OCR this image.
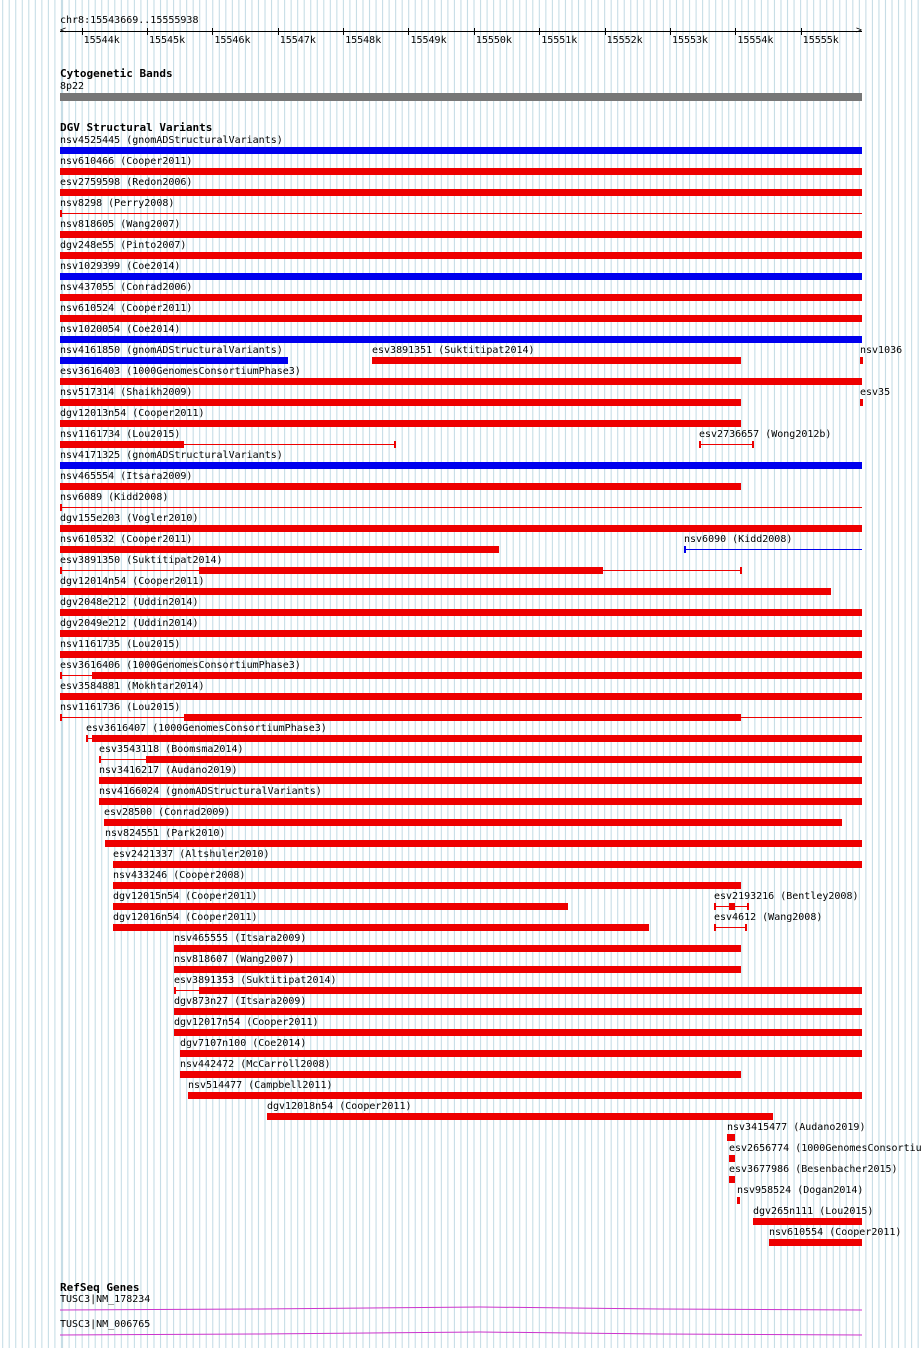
chr8:15543669..15555938
<	>
15544k	15545k	15546k	15547k	15548k	15549k	15550k	15551k	15552k	15553k	15554k	15555k
Cytogenetic Bands
8p22
DGV Structural Variants
nsv4525445 (gnomADStructuralVariants)
nsv610466 (Cooper2011)
esv2759598 (Redon2006)
nsv8298 (Perry2008)
nsv818605 (Wang2007)
dgv248e55 (Pinto2007)
nsv1029399 (Coe2014)
nsv437055 (Conrad2006)
nsv610524 (Cooper2011)
nsv1020054 (Coe2014)
nsv4161850 (gnomADStructuralVariants)	esv3891351 (Suktitipat2014)	nsv1036
esv3616403 (1000GenomesConsortiumPhase3)
nsv517314 (Shaikh2009)	esv35
dgv12013n54 (Cooper2011)
nsv1161734 (Lou2015)	esv2736657 (Wong2012b)
nsv4171325 (gnomADStructuralVariants)
nsv465554 (Itsara2009)
nsv6089 (Kidd2008)
dgv155e203 (Vogler2010)
nsv610532 (Cooper2011)	nsv6090 (Kidd2008)
esv3891350 (Suktitipat2014)
dgv12014n54 (Cooper2011)
dgv2048e212 (Uddin2014)
dgv2049e212 (Uddin2014)
nsv1161735 (Lou2015)
esv3616406 (1000GenomesConsortiumPhase3)
esv3584881 (Mokhtar2014)
nsv1161736 (Lou2015)
esv3616407 (1000GenomesConsortiumPhase3)
esv3543118 (Boomsma2014)
nsv3416217 (Audano2019)
nsv4166024 (gnomADStructuralVariants)
esv28500 (Conrad2009)
nsv824551 (Park2010)
esv2421337 (Altshuler2010)
nsv433246 (Cooper2008)
dgv12015n54 (Cooper2011)	esv2193216 (Bentley2008)
dgv12016n54 (Cooper2011)	esv4612 (Wang2008)
nsv465555 (Itsara2009)
nsv818607 (Wang2007)
esv3891353 (Suktitipat2014)
dgv873n27 (Itsara2009)
dgv12017n54 (Cooper2011)
dgv7107n100 (Coe2014)
nsv442472 (McCarroll2008)
nsv514477 (Campbell2011)
dgv12018n54 (Cooper2011)
nsv3415477 (Audano2019)
esv2656774 (1000GenomesConsortiu
esv3677986 (Besenbacher2015)
nsv958524 (Dogan2014)
dgv265n111 (Lou2015)
nsv610554 (Cooper2011)
RefSeq Genes
TUSC3|NM_178234
TUSC3|NM_006765
